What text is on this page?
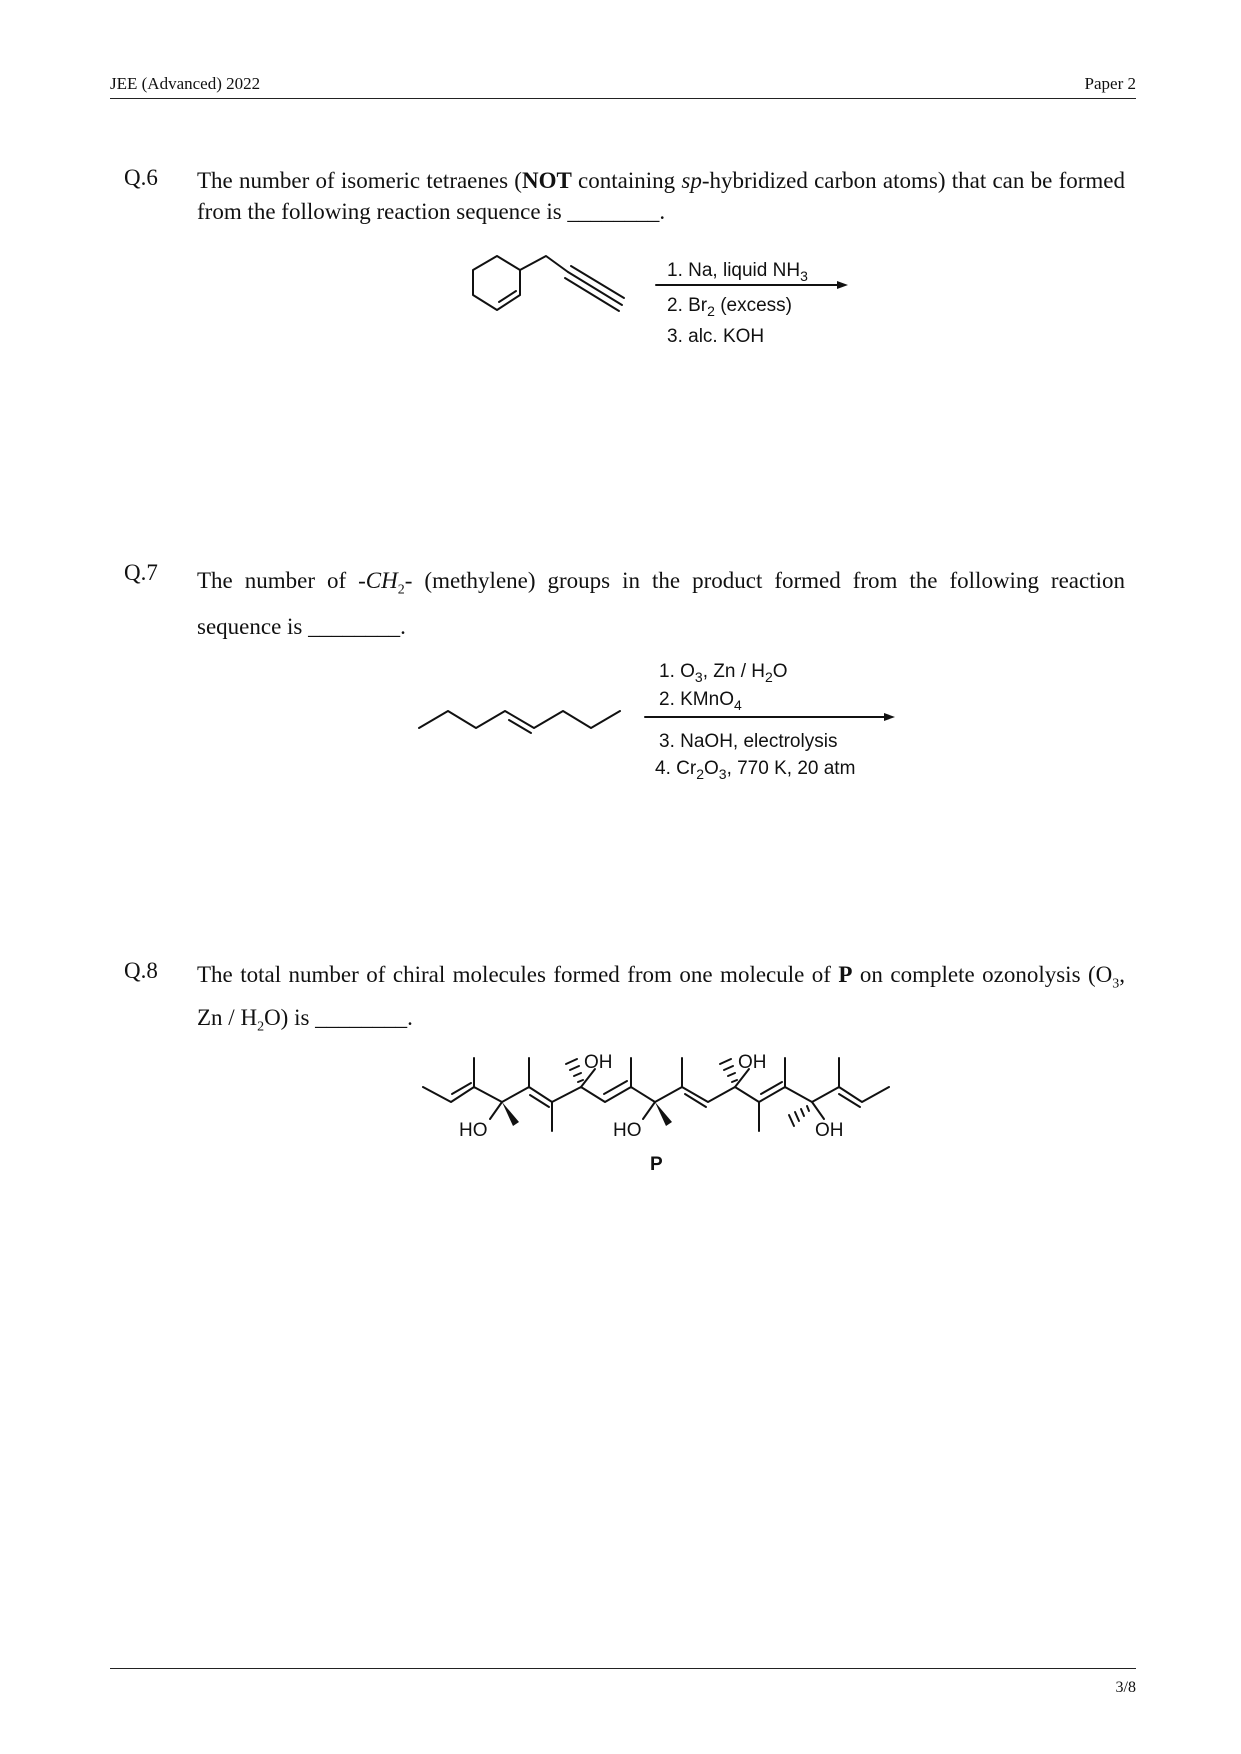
JEE (Advanced) 2022	Paper 2
Q.6 The number of isomeric tetraenes (NOT containing sp-hybridized carbon atoms) that can be formed from the following reaction sequence is ________.
1. Na, liquid $NH_3$
2. $Br_2$ (excess)
3. alc. KOH
Q.7 The number of $-CH_2-$ (methylene) groups in the product formed from the following reaction sequence is ________.
1. $O_3$, Zn / $H_2O$
2. KMnO$_4$
3. NaOH, electrolysis
4. $Cr_2O_3$, 770 K, 20 atm
Q.8 The total number of chiral molecules formed from one molecule of P on complete ozonolysis ($O_3$, Zn / $H_2O$) is ________.
OH	OH
HO	HO	OH
P
3/8
